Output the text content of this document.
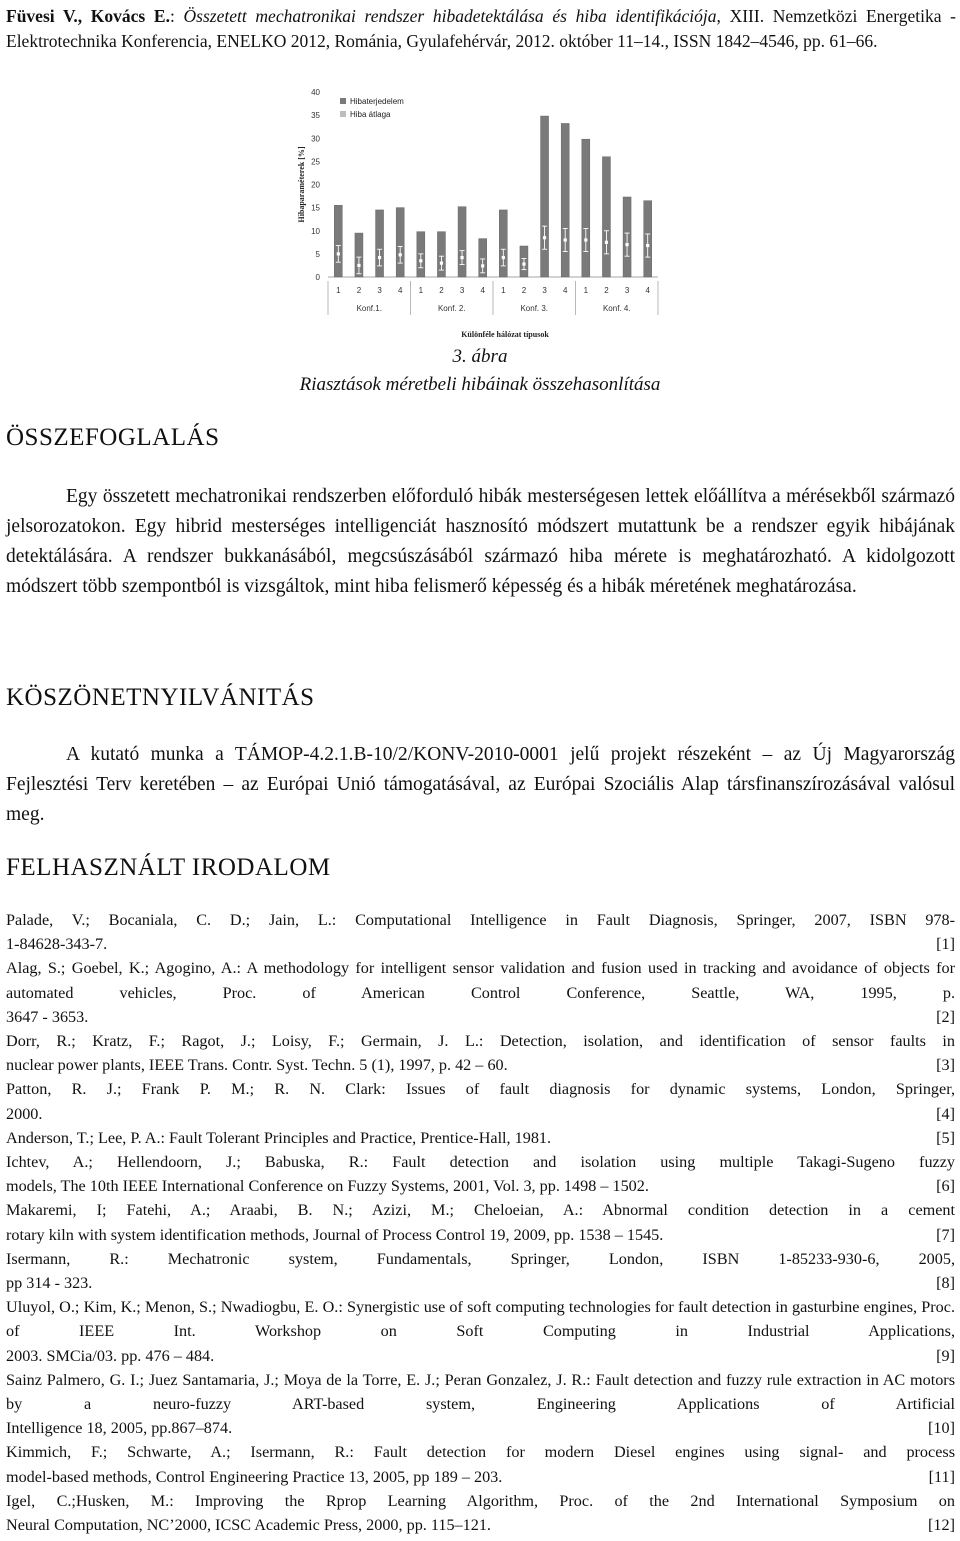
Füvesi V., Kovács E.: Összetett mechatronikai rendszer hibadetektálása és hiba identifikációja, XIII. Nemzetközi Energetika - Elektrotechnika Konferencia, ENELKO 2012, Románia, Gyulafehérvár, 2012. október 11–14., ISSN 1842–4546, pp. 61–66.
0
5
10
15
20
25
30
35
40
Hibaparaméterek [%]
1 2 3 4 1 2 3 4 1 2 3 4 1 2 3 4
Konf.1.	Konf. 2.	Konf. 3.	Konf. 4.
Különféle hálózat típusok
Hibaterjedelem
Hiba átlaga
3. ábra
Riasztások méretbeli hibáinak összehasonlítása
ÖSSZEFOGLALÁS
Egy összetett mechatronikai rendszerben előforduló hibák mesterségesen lettek előállítva a mérésekből származó jelsorozatokon. Egy hibrid mesterséges intelligenciát hasznosító módszert mutattunk be a rendszer egyik hibájának detektálására. A rendszer bukkanásából, megcsúszásából származó hiba mérete is meghatározható. A kidolgozott módszert több szempontból is vizsgáltok, mint hiba felismerő képesség és a hibák méretének meghatározása.
KÖSZÖNETNYILVÁNITÁS
A kutató munka a TÁMOP-4.2.1.B-10/2/KONV-2010-0001 jelű projekt részeként – az Új Magyarország Fejlesztési Terv keretében – az Európai Unió támogatásával, az Európai Szociális Alap társfinanszírozásával valósul meg.
FELHASZNÁLT IRODALOM
Palade, V.; Bocaniala, C. D.; Jain, L.: Computational Intelligence in Fault Diagnosis, Springer, 2007, ISBN 978-
1-84628-343-7.	[1]
Alag, S.; Goebel, K.; Agogino, A.: A methodology for intelligent sensor validation and fusion used in tracking and avoidance of objects for automated vehicles, Proc. of American Control Conference, Seattle, WA, 1995, p.
3647 - 3653.	[2]
Dorr, R.; Kratz, F.; Ragot, J.; Loisy, F.; Germain, J. L.: Detection, isolation, and identification of sensor faults in
nuclear power plants, IEEE Trans. Contr. Syst. Techn. 5 (1), 1997, p. 42 – 60.	[3]
Patton, R. J.; Frank P. M.; R. N. Clark: Issues of fault diagnosis for dynamic systems, London, Springer,
2000.	[4]
Anderson, T.; Lee, P. A.: Fault Tolerant Principles and Practice, Prentice-Hall, 1981.	[5]
Ichtev, A.; Hellendoorn, J.; Babuska, R.: Fault detection and isolation using multiple Takagi-Sugeno fuzzy
models, The 10th IEEE International Conference on Fuzzy Systems, 2001, Vol. 3, pp. 1498 – 1502.	[6]
Makaremi, I; Fatehi, A.; Araabi, B. N.; Azizi, M.; Cheloeian, A.: Abnormal condition detection in a cement
rotary kiln with system identification methods, Journal of Process Control 19, 2009, pp. 1538 – 1545.	[7]
Isermann, R.: Mechatronic system, Fundamentals, Springer, London, ISBN 1-85233-930-6, 2005,
pp 314 - 323.	[8]
Uluyol, O.; Kim, K.; Menon, S.; Nwadiogbu, E. O.: Synergistic use of soft computing technologies for fault detection in gasturbine engines, Proc. of IEEE Int. Workshop on Soft Computing in Industrial Applications,
2003. SMCia/03. pp. 476 – 484.	[9]
Sainz Palmero, G. I.; Juez Santamaria, J.; Moya de la Torre, E. J.; Peran Gonzalez, J. R.: Fault detection and fuzzy rule extraction in AC motors by a neuro-fuzzy ART-based system, Engineering Applications of Artificial
Intelligence 18, 2005, pp.867–874.	[10]
Kimmich, F.; Schwarte, A.; Isermann, R.: Fault detection for modern Diesel engines using signal- and process
model-based methods, Control Engineering Practice 13, 2005, pp 189 – 203.	[11]
Igel, C.;Husken, M.: Improving the Rprop Learning Algorithm, Proc. of the 2nd International Symposium on
Neural Computation, NC’2000, ICSC Academic Press, 2000, pp. 115–121.	[12]
